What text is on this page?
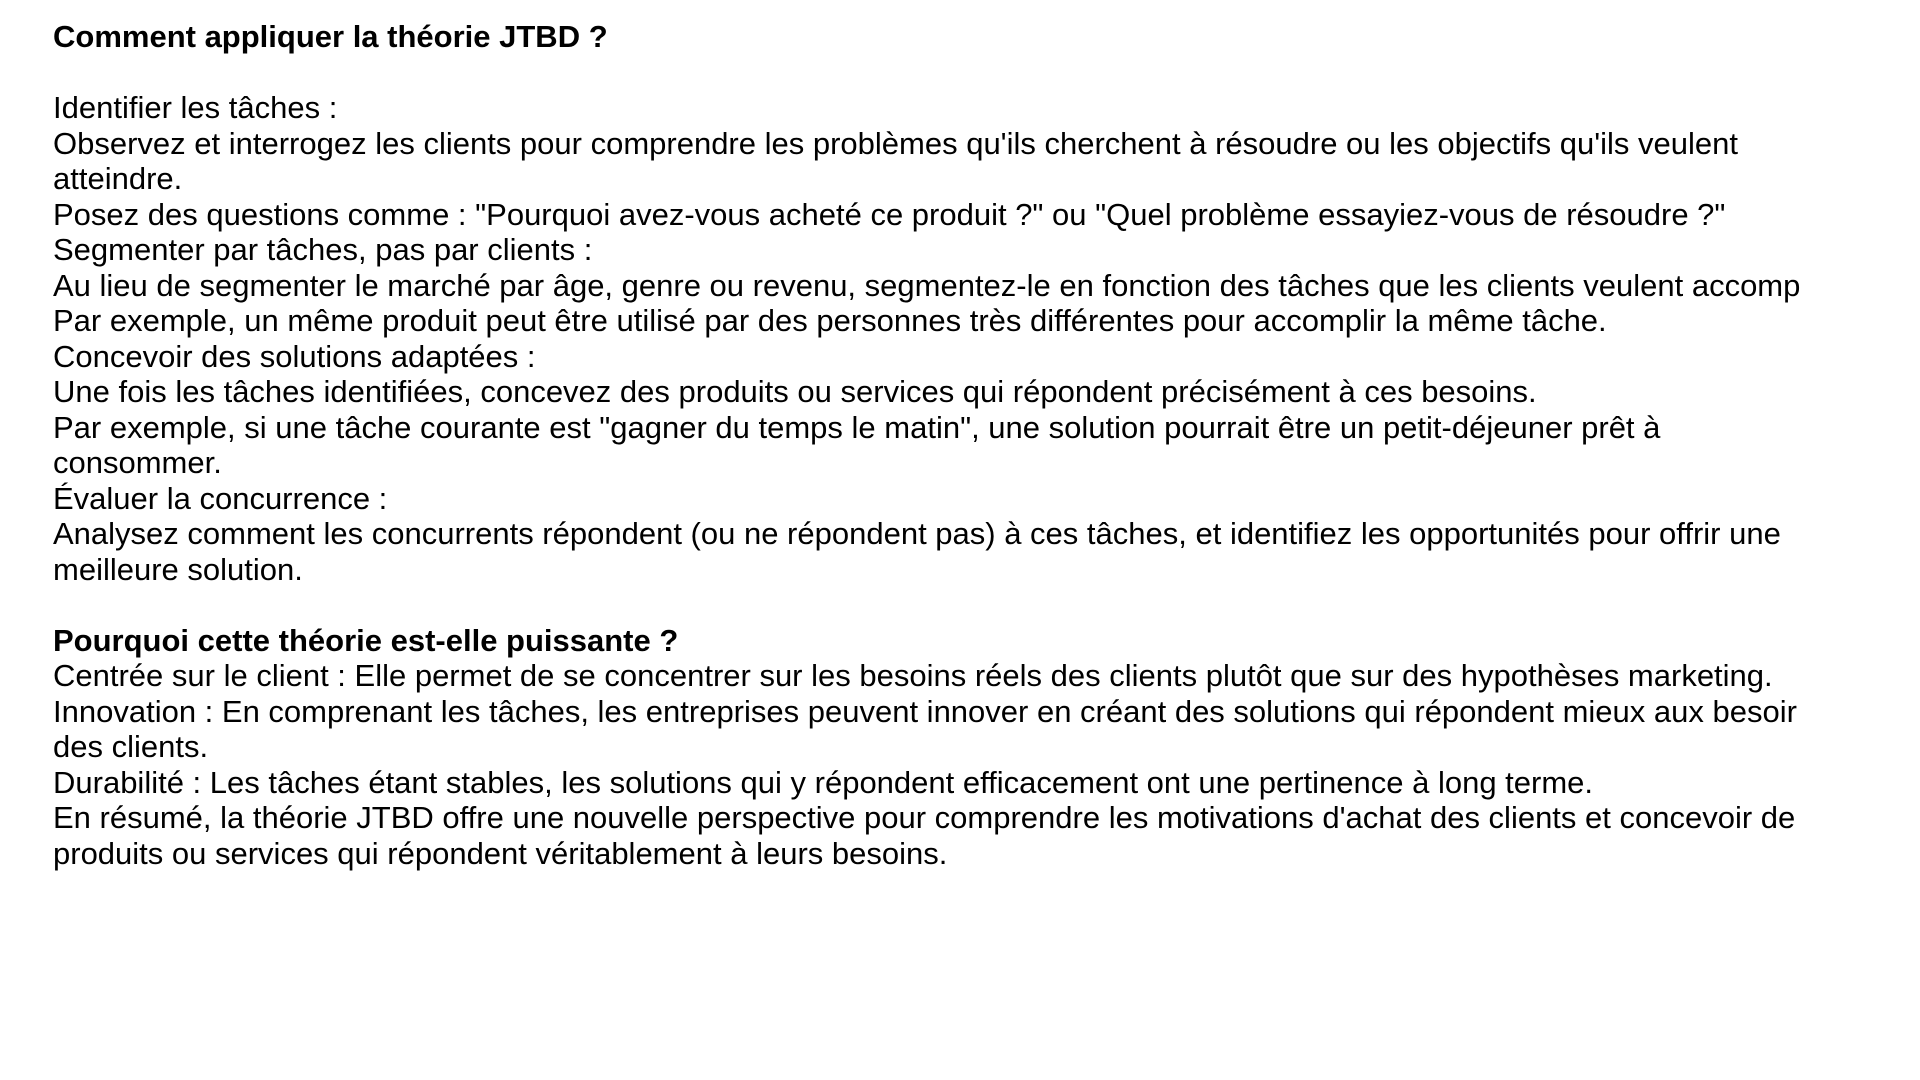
Comment appliquer la théorie JTBD ?
Identifier les tâches :
Observez et interrogez les clients pour comprendre les problèmes qu'ils cherchent à résoudre ou les objectifs qu'ils veulent
atteindre.
Posez des questions comme : "Pourquoi avez-vous acheté ce produit ?" ou "Quel problème essayiez-vous de résoudre ?"
Segmenter par tâches, pas par clients :
Au lieu de segmenter le marché par âge, genre ou revenu, segmentez-le en fonction des tâches que les clients veulent accomp
Par exemple, un même produit peut être utilisé par des personnes très différentes pour accomplir la même tâche.
Concevoir des solutions adaptées :
Une fois les tâches identifiées, concevez des produits ou services qui répondent précisément à ces besoins.
Par exemple, si une tâche courante est "gagner du temps le matin", une solution pourrait être un petit-déjeuner prêt à
consommer.
Évaluer la concurrence :
Analysez comment les concurrents répondent (ou ne répondent pas) à ces tâches, et identifiez les opportunités pour offrir une
meilleure solution.
Pourquoi cette théorie est-elle puissante ?
Centrée sur le client : Elle permet de se concentrer sur les besoins réels des clients plutôt que sur des hypothèses marketing.
Innovation : En comprenant les tâches, les entreprises peuvent innover en créant des solutions qui répondent mieux aux besoir
des clients.
Durabilité : Les tâches étant stables, les solutions qui y répondent efficacement ont une pertinence à long terme.
En résumé, la théorie JTBD offre une nouvelle perspective pour comprendre les motivations d'achat des clients et concevoir de
produits ou services qui répondent véritablement à leurs besoins.
